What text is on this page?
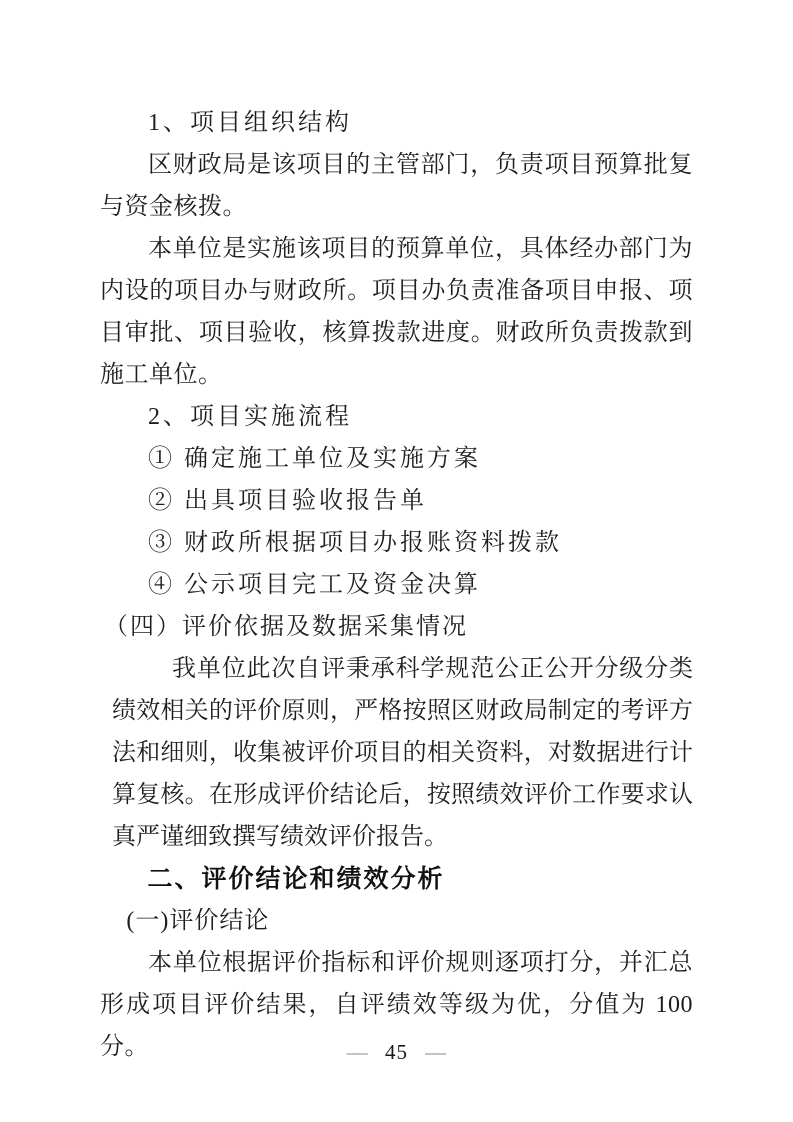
1、项目组织结构
区财政局是该项目的主管部门，负责项目预算批复与资金核拨。
本单位是实施该项目的预算单位，具体经办部门为内设的项目办与财政所。项目办负责准备项目申报、项目审批、项目验收，核算拨款进度。财政所负责拨款到施工单位。
2、项目实施流程
① 确定施工单位及实施方案
② 出具项目验收报告单
③ 财政所根据项目办报账资料拨款
④ 公示项目完工及资金决算
（四）评价依据及数据采集情况
我单位此次自评秉承科学规范公正公开分级分类绩效相关的评价原则，严格按照区财政局制定的考评方法和细则，收集被评价项目的相关资料，对数据进行计算复核。在形成评价结论后，按照绩效评价工作要求认真严谨细致撰写绩效评价报告。
二、评价结论和绩效分析
(一)评价结论
本单位根据评价指标和评价规则逐项打分，并汇总形成项目评价结果，自评绩效等级为优，分值为 100 分。	— 45 —
